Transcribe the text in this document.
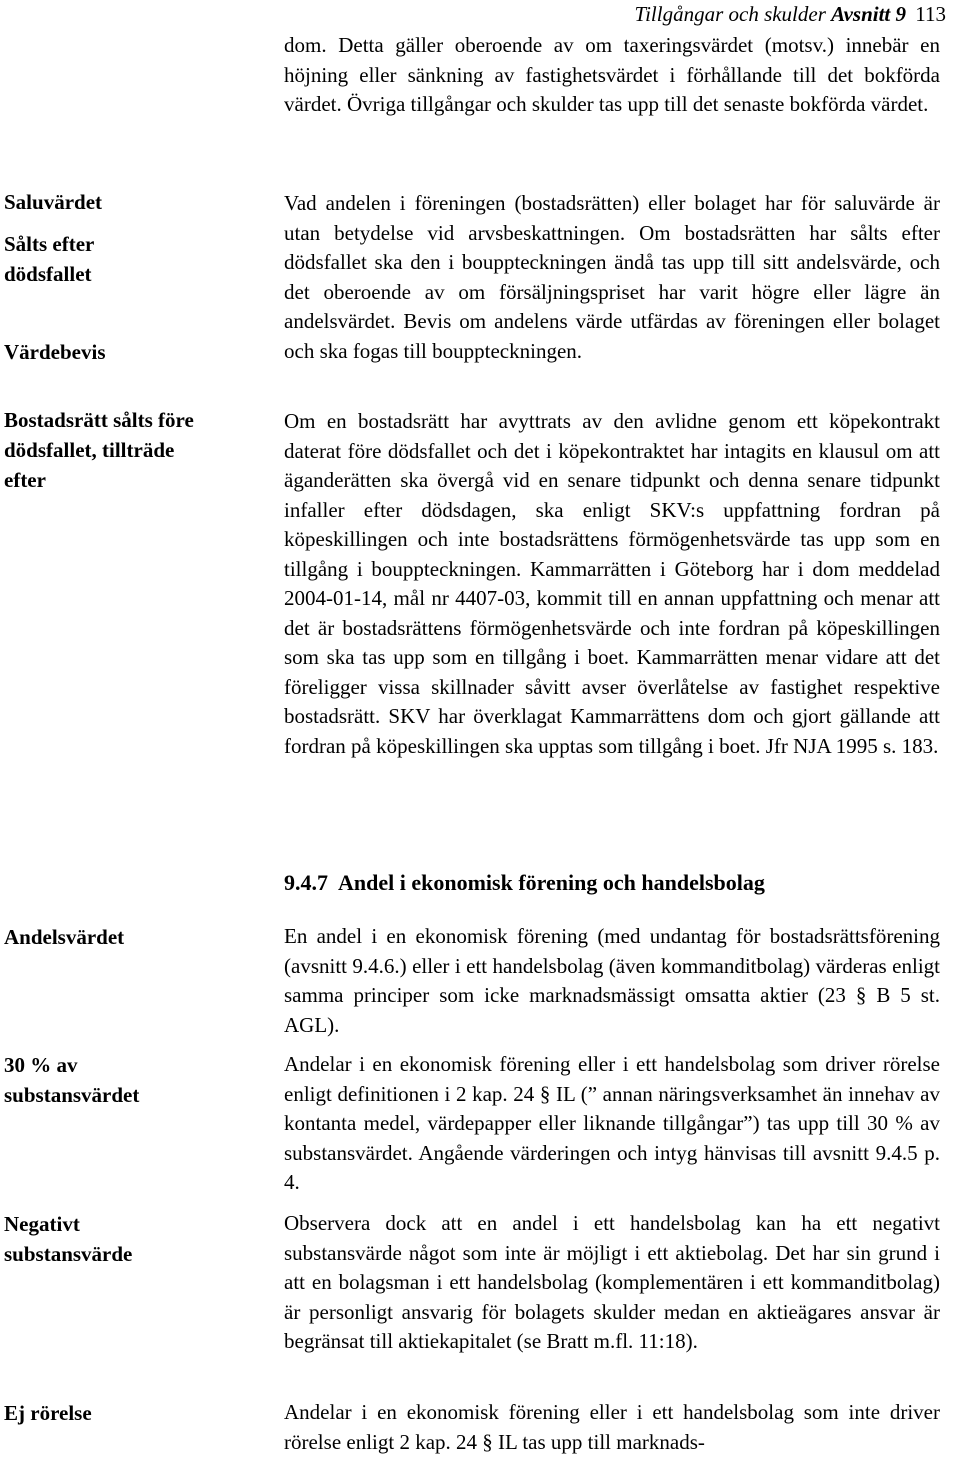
Tillgångar och skulder Avsnitt 9 113
Saluvärdet
Sålts efter dödsfallet
Värdebevis
Bostadsrätt sålts före dödsfallet, tillträde efter
Andelsvärdet
30 % av substansvärdet
Negativt substansvärde
Ej rörelse
dom. Detta gäller oberoende av om taxeringsvärdet (motsv.) innebär en höjning eller sänkning av fastighetsvärdet i förhållande till det bokförda värdet. Övriga tillgångar och skulder tas upp till det senaste bokförda värdet.
Vad andelen i föreningen (bostadsrätten) eller bolaget har för saluvärde är utan betydelse vid arvsbeskattningen. Om bostadsrätten har sålts efter dödsfallet ska den i bouppteckningen ändå tas upp till sitt andelsvärde, och det oberoende av om försäljningspriset har varit högre eller lägre än andelsvärdet. Bevis om andelens värde utfärdas av föreningen eller bolaget och ska fogas till bouppteckningen.
Om en bostadsrätt har avyttrats av den avlidne genom ett köpekontrakt daterat före dödsfallet och det i köpekontraktet har intagits en klausul om att äganderätten ska övergå vid en senare tidpunkt och denna senare tidpunkt infaller efter dödsdagen, ska enligt SKV:s uppfattning fordran på köpeskillingen och inte bostadsrättens förmögenhetsvärde tas upp som en tillgång i bouppteckningen. Kammarrätten i Göteborg har i dom meddelad 2004-01-14, mål nr 4407-03, kommit till en annan uppfattning och menar att det är bostadsrättens förmögenhetsvärde och inte fordran på köpeskillingen som ska tas upp som en tillgång i boet. Kammarrätten menar vidare att det föreligger vissa skillnader såvitt avser överlåtelse av fastighet respektive bostadsrätt. SKV har överklagat Kammarrättens dom och gjort gällande att fordran på köpeskillingen ska upptas som tillgång i boet. Jfr NJA 1995 s. 183.
9.4.7 Andel i ekonomisk förening och handelsbolag
En andel i en ekonomisk förening (med undantag för bostadsrättsförening (avsnitt 9.4.6.) eller i ett handelsbolag (även kommanditbolag) värderas enligt samma principer som icke marknadsmässigt omsatta aktier (23 § B 5 st. AGL).
Andelar i en ekonomisk förening eller i ett handelsbolag som driver rörelse enligt definitionen i 2 kap. 24 § IL (” annan näringsverksamhet än innehav av kontanta medel, värdepapper eller liknande tillgångar”) tas upp till 30 % av substansvärdet. Angående värderingen och intyg hänvisas till avsnitt 9.4.5 p. 4.
Observera dock att en andel i ett handelsbolag kan ha ett negativt substansvärde något som inte är möjligt i ett aktiebolag. Det har sin grund i att en bolagsman i ett handelsbolag (komplementären i ett kommanditbolag) är personligt ansvarig för bolagets skulder medan en aktieägares ansvar är begränsat till aktiekapitalet (se Bratt m.fl. 11:18).
Andelar i en ekonomisk förening eller i ett handelsbolag som inte driver rörelse enligt 2 kap. 24 § IL tas upp till marknads-
